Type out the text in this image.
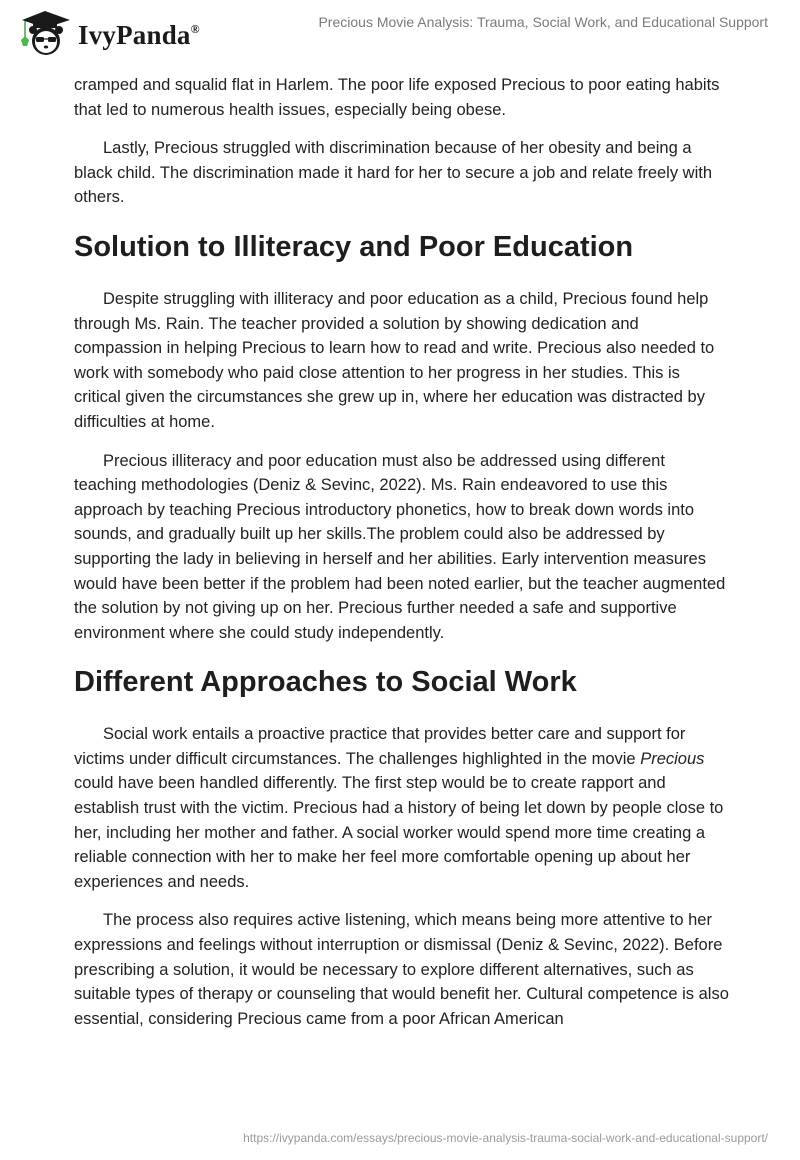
IvyPanda®	Precious Movie Analysis: Trauma, Social Work, and Educational Support

cramped and squalid flat in Harlem. The poor life exposed Precious to poor eating habits that led to numerous health issues, especially being obese.

Lastly, Precious struggled with discrimination because of her obesity and being a black child. The discrimination made it hard for her to secure a job and relate freely with others.

Solution to Illiteracy and Poor Education

Despite struggling with illiteracy and poor education as a child, Precious found help through Ms. Rain. The teacher provided a solution by showing dedication and compassion in helping Precious to learn how to read and write. Precious also needed to work with somebody who paid close attention to her progress in her studies. This is critical given the circumstances she grew up in, where her education was distracted by difficulties at home.

Precious illiteracy and poor education must also be addressed using different teaching methodologies (Deniz & Sevinc, 2022). Ms. Rain endeavored to use this approach by teaching Precious introductory phonetics, how to break down words into sounds, and gradually built up her skills.The problem could also be addressed by supporting the lady in believing in herself and her abilities. Early intervention measures would have been better if the problem had been noted earlier, but the teacher augmented the solution by not giving up on her. Precious further needed a safe and supportive environment where she could study independently.

Different Approaches to Social Work

Social work entails a proactive practice that provides better care and support for victims under difficult circumstances. The challenges highlighted in the movie Precious could have been handled differently. The first step would be to create rapport and establish trust with the victim. Precious had a history of being let down by people close to her, including her mother and father. A social worker would spend more time creating a reliable connection with her to make her feel more comfortable opening up about her experiences and needs.

The process also requires active listening, which means being more attentive to her expressions and feelings without interruption or dismissal (Deniz & Sevinc, 2022). Before prescribing a solution, it would be necessary to explore different alternatives, such as suitable types of therapy or counseling that would benefit her. Cultural competence is also essential, considering Precious came from a poor African American

https://ivypanda.com/essays/precious-movie-analysis-trauma-social-work-and-educational-support/
